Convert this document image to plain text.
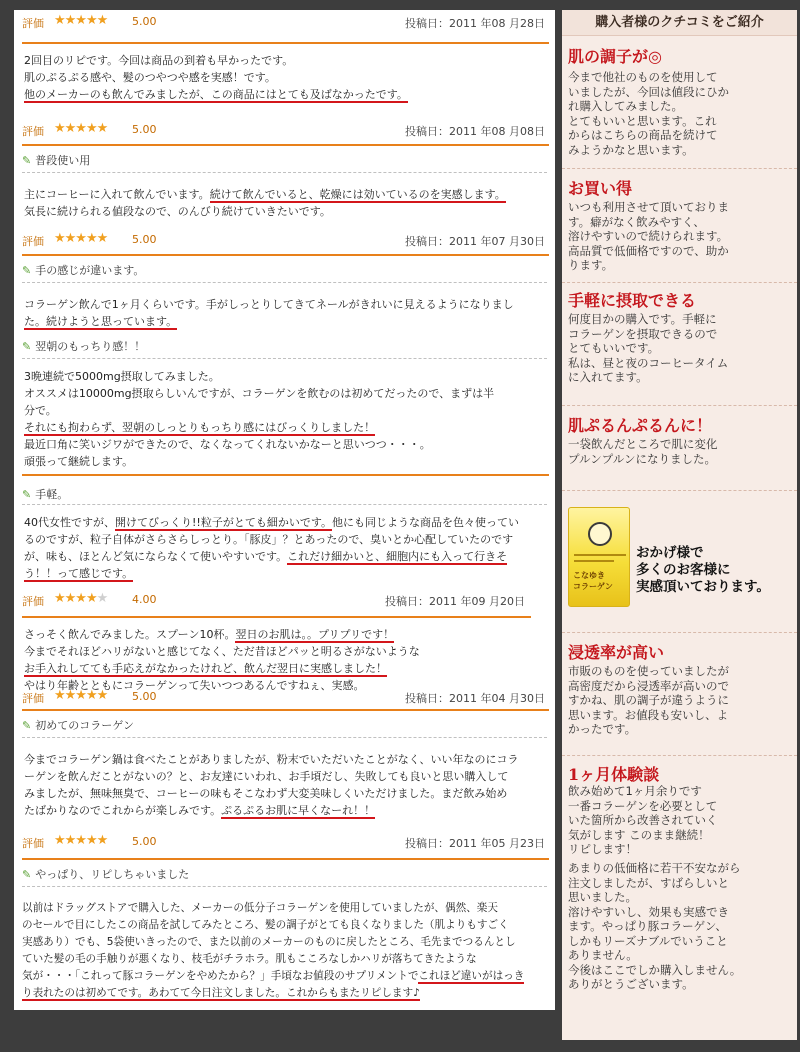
評価 ★★★★★ 5.00	投稿日：2011 年08 月28日

2回目のリピです。今回は商品の到着も早かったです。

肌のぷるぷる感や、髪のつやつや感を実感！です。

他のメーカーのも飲んでみましたが、この商品にはとても及ばなかったです。

評価 ★★★★★ 5.00	投稿日：2011 年08 月08日
✎ 普段使い用

主にコーヒーに入れて飲んでいます。続けて飲んでいると、乾燥には効いているのを実感します。

気長に続けられる値段なので、のんびり続けていきたいです。

評価 ★★★★★ 5.00	投稿日：2011 年07 月30日
✎ 手の感じが違います。

コラーゲン飲んで1ヶ月くらいです。手がしっとりしてきてネールがきれいに見えるようになりまし

た。続けようと思っています。

✎ 翌朝のもっちり感！！

3晩連続で5000mg摂取してみました。

オススメは10000mg摂取らしいんですが、コラーゲンを飲むのは初めてだったので、まずは半

分で。

それにも拘わらず、翌朝のしっとりもっちり感にはびっくりしました！

最近口角に笑いジワができたので、なくなってくれないかなーと思いつつ・・・。

頑張って継続します。

✎ 手軽。

40代女性ですが、開けてびっくり!!粒子がとても細かいです。他にも同じような商品を色々使ってい

るのですが、粒子自体がさらさらしっとり。「豚皮」？とあったので、臭いとか心配していたのです

が、味も、ほとんど気にならなくて使いやすいです。これだけ細かいと、細胞内にも入って行きそ

う！！って感じです。

評価 ★★★★★ 4.00	投稿日：2011 年09 月20日

さっそく飲んでみました。スプーン10杯。翌日のお肌は。。プリプリです！

今までそれほどハリがないと感じてなく、ただ昔ほどパッと明るさがないような

お手入れしてても手応えがなかったけれど、飲んだ翌日に実感しました！

やはり年齢とともにコラーゲンって失いつつあるんですねぇ、実感。

評価 ★★★★★ 5.00	投稿日：2011 年04 月30日
✎ 初めてのコラーゲン

今までコラーゲン鍋は食べたことがありましたが、粉末でいただいたことがなく、いい年なのにコラ

ーゲンを飲んだことがないの？と、お友達にいわれ、お手頃だし、失敗しても良いと思い購入して

みましたが、無味無臭で、コーヒーの味もそこなわず大変美味しくいただけました。まだ飲み始め

たばかりなのでこれからが楽しみです。ぷるぷるお肌に早くなーれ！！

評価 ★★★★★ 5.00	投稿日：2011 年05 月23日
✎ やっぱり、リピしちゃいました

以前はドラッグストアで購入した、メーカーの低分子コラーゲンを使用していましたが、偶然、楽天

のセールで目にしたこの商品を試してみたところ、髪の調子がとても良くなりました（肌よりもすごく

実感あり）でも、5袋使いきったので、また以前のメーカーのものに戻したところ、毛先までつるんとし

ていた髪の毛の手触りが悪くなり、枝毛がチラホラ。肌もこころなしかハリが落ちてきたような

気が・・・「これって豚コラーゲンをやめたから？」手頃なお値段のサプリメントでこれほど違いがはっき

り表れたのは初めてです。あわてて今日注文しました。これからもまたリピします♪

購入者様のクチコミをご紹介
肌の調子が◎
今まで他社のものを使用して
いましたが、今回は値段にひか
れ購入してみました。
とてもいいと思います。これ
からはこちらの商品を続けて
みようかなと思います。
お買い得
いつも利用させて頂いておりま
す。癖がなく飲みやすく、
溶けやすいので続けられます。
高品質で低価格ですので、助か
ります。
手軽に摂取できる
何度目かの購入です。手軽に
コラーゲンを摂取できるので
とてもいいです。
私は、昼と夜のコーヒータイム
に入れてます。
肌ぷるんぷるんに！
一袋飲んだところで肌に変化
プルンプルンになりました。
こなゆき
コラーゲン
おかげ様で
多くのお客様に
実感頂いております。
浸透率が高い
市販のものを使っていましたが
高密度だから浸透率が高いので
すかね、肌の調子が違うように
思います。お値段も安いし、よ
かったです。
1ヶ月体験談
飲み始めて1ヶ月余りです
一番コラーゲンを必要として
いた箇所から改善されていく
気がします このまま継続！
リピします！
あまりの低価格に若干不安ながら
注文しましたが、すばらしいと
思いました。
溶けやすいし、効果も実感でき
ます。やっぱり豚コラーゲン、
しかもリーズナブルでいうこと
ありません。
今後はここでしか購入しません。
ありがとうございます。
